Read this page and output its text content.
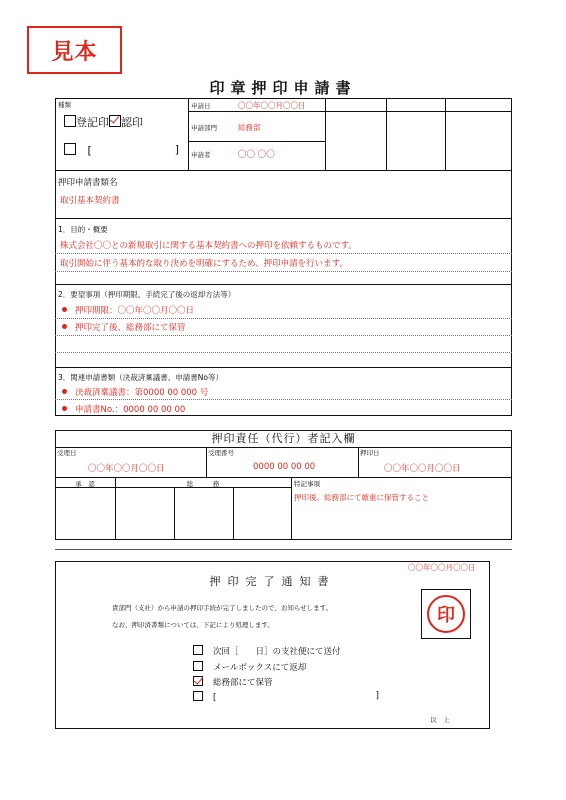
見本
印章押印申請書
種類
登記印 認印
[	]
申請日	〇〇年〇〇月〇〇日
申請部門	総務部
申請者	〇〇 〇〇
押印申請書類名
取引基本契約書
1．目的・概要
株式会社〇〇との新規取引に関する基本契約書への押印を依頼するものです。
取引開始に伴う基本的な取り決めを明確にするため、押印申請を行います。
2．要望事項（押印期限、手続完了後の返却方法等）
押印期限：〇〇年〇〇月〇〇日
押印完了後、総務部にて保管
3．関連申請書類（決裁済稟議書、申請書No等）
決裁済稟議書：第0000 00 000 号
申請書No.：0000 00 00 00
押印責任（代行）者記入欄
受理日
〇〇年〇〇月〇〇日
受理番号
0000 00 00 00
押印日
〇〇年〇〇月〇〇日
承　認	総　　　務	特記事項
押印後、総務部にて厳重に保管すること
〇〇年〇〇月〇〇日
押印完了通知書
貴部門（支社）から申請の押印手続が完了しましたので、お知らせします。
なお、押印済書類については、下記により処理します。	印
次回［　　日］の支社便にて送付
メールボックスにて返却
総務部にて保管
[	]
以　上
